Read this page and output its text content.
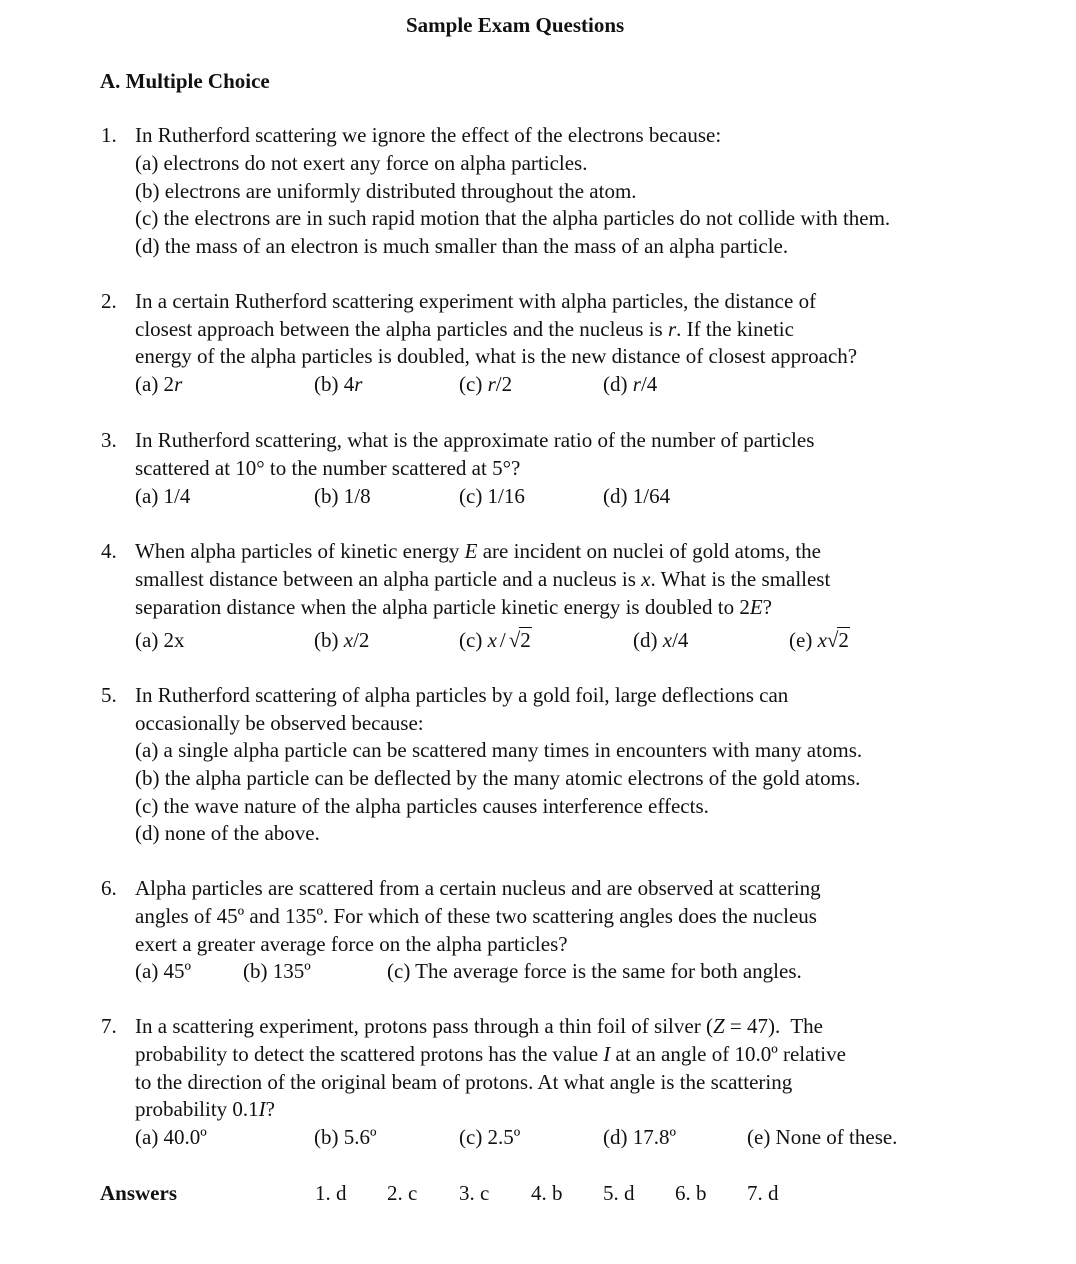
Sample Exam Questions
A. Multiple Choice
1. In Rutherford scattering we ignore the effect of the electrons because:
(a) electrons do not exert any force on alpha particles.
(b) electrons are uniformly distributed throughout the atom.
(c) the electrons are in such rapid motion that the alpha particles do not collide with them.
(d) the mass of an electron is much smaller than the mass of an alpha particle.
2. In a certain Rutherford scattering experiment with alpha particles, the distance of
closest approach between the alpha particles and the nucleus is r. If the kinetic
energy of the alpha particles is doubled, what is the new distance of closest approach?
(a) 2r	(b) 4r	(c) r/2	(d) r/4
3. In Rutherford scattering, what is the approximate ratio of the number of particles
scattered at 10° to the number scattered at 5°?
(a) 1/4	(b) 1/8	(c) 1/16	(d) 1/64
4. When alpha particles of kinetic energy E are incident on nuclei of gold atoms, the
smallest distance between an alpha particle and a nucleus is x. What is the smallest
separation distance when the alpha particle kinetic energy is doubled to 2E?
(a) 2x	(b) x/2	(c) x / √2	(d) x/4	(e) x√2
5. In Rutherford scattering of alpha particles by a gold foil, large deflections can
occasionally be observed because:
(a) a single alpha particle can be scattered many times in encounters with many atoms.
(b) the alpha particle can be deflected by the many atomic electrons of the gold atoms.
(c) the wave nature of the alpha particles causes interference effects.
(d) none of the above.
6. Alpha particles are scattered from a certain nucleus and are observed at scattering
angles of 45º and 135º. For which of these two scattering angles does the nucleus
exert a greater average force on the alpha particles?
(a) 45º (b) 135º	(c) The average force is the same for both angles.
7. In a scattering experiment, protons pass through a thin foil of silver (Z = 47).  The
probability to detect the scattered protons has the value I at an angle of 10.0º relative
to the direction of the original beam of protons. At what angle is the scattering
probability 0.1I?
(a) 40.0º	(b) 5.6º	(c) 2.5º	(d) 17.8º	(e) None of these.
Answers	1. d 2. c 3. c 4. b 5. d 6. b 7. d
